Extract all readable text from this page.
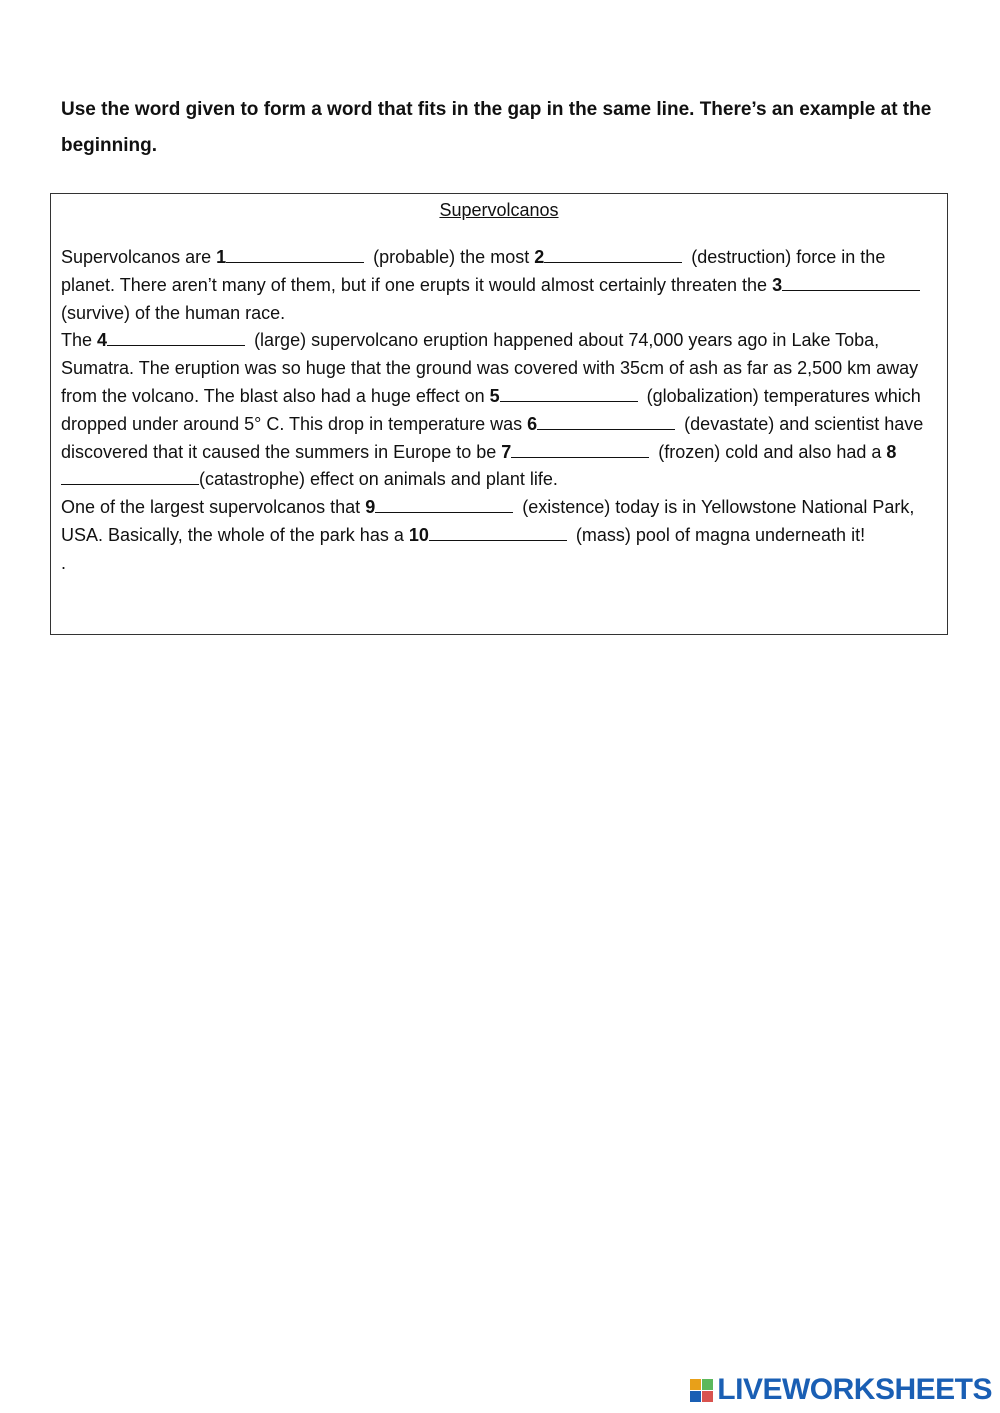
Use the word given to form a word that fits in the gap in the same line. There’s an example at the beginning.

Supervolcanos

Supervolcanos are 1	(probable) the most 2	(destruction) force in the planet. There aren’t many of them, but if one erupts it would almost certainly threaten the 3 (survive) of the human race.

The 4	(large) supervolcano eruption happened about 74,000 years ago in Lake Toba, Sumatra. The eruption was so huge that the ground was covered with 35cm of ash as far as 2,500 km away from the volcano. The blast also had a huge effect on 5	(globalization) temperatures which dropped under around 5° C. This drop in temperature was 6	(devastate) and scientist have discovered that it caused the summers in Europe to be 7	(frozen) cold and also had a 8(catastrophe) effect on animals and plant life.

One of the largest supervolcanos that 9	(existence) today is in Yellowstone National Park, USA. Basically, the whole of the park has a 10	(mass) pool of magna underneath it!

.

LIVEWORKSHEETS
